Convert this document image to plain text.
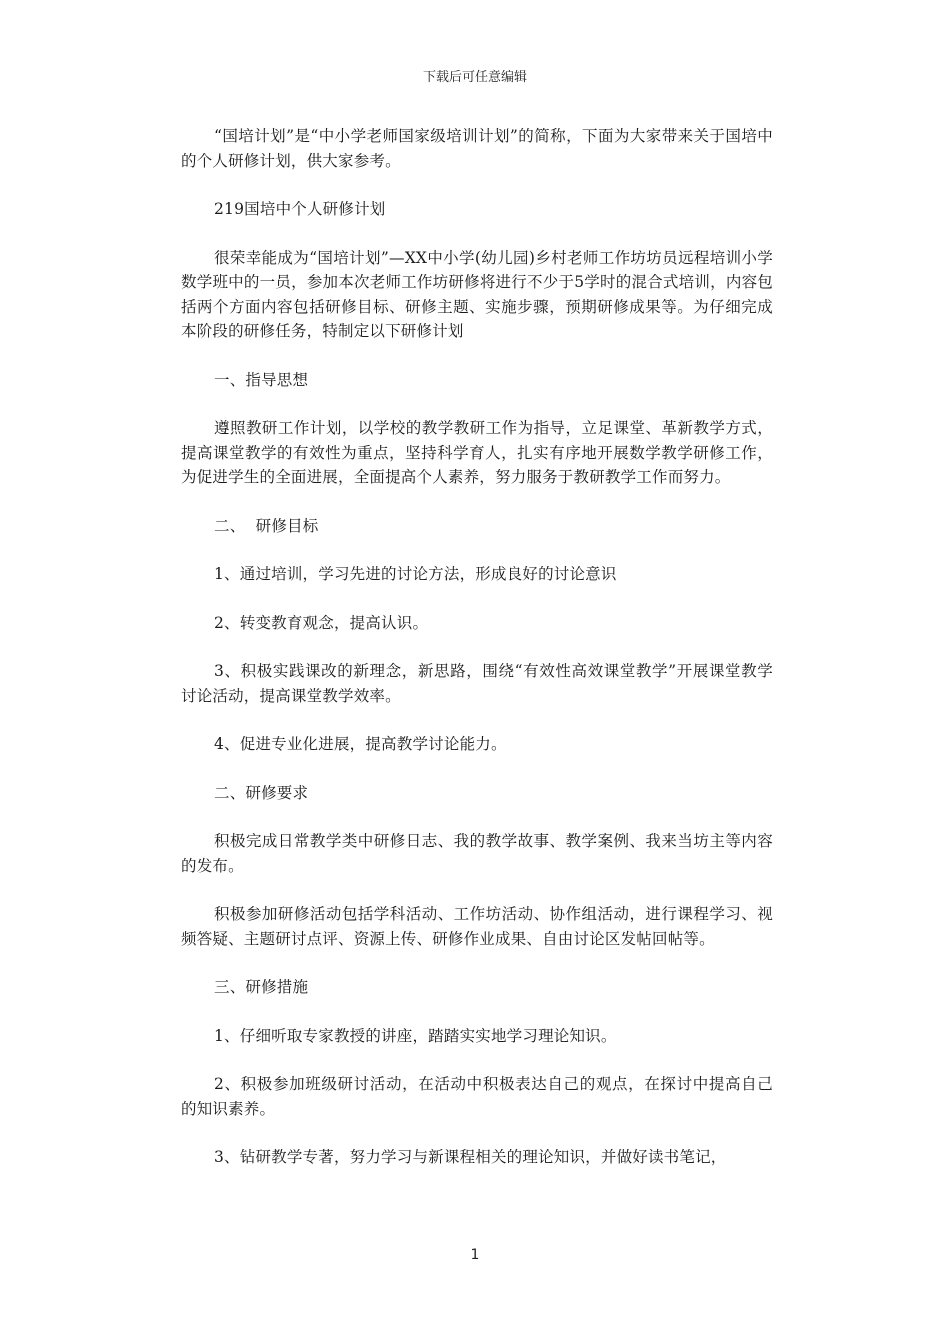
下载后可任意编辑

“国培计划”是“中小学老师国家级培训计划”的简称，下面为大家带来关于国培中的个人研修计划，供大家参考。

219国培中个人研修计划

很荣幸能成为“国培计划”—XX中小学(幼儿园)乡村老师工作坊坊员远程培训小学数学班中的一员，参加本次老师工作坊研修将进行不少于5学时的混合式培训，内容包括两个方面内容包括研修目标、研修主题、实施步骤，预期研修成果等。为仔细完成本阶段的研修任务，特制定以下研修计划

一、指导思想

遵照教研工作计划，以学校的教学教研工作为指导，立足课堂、革新教学方式，提高课堂教学的有效性为重点，坚持科学育人，扎实有序地开展数学教学研修工作，为促进学生的全面进展，全面提高个人素养，努力服务于教研教学工作而努力。

二、  研修目标

1、通过培训，学习先进的讨论方法，形成良好的讨论意识

2、转变教育观念，提高认识。

3、积极实践课改的新理念，新思路，围绕“有效性高效课堂教学”开展课堂教学讨论活动，提高课堂教学效率。

4、促进专业化进展，提高教学讨论能力。

二、研修要求

积极完成日常教学类中研修日志、我的教学故事、教学案例、我来当坊主等内容的发布。

积极参加研修活动包括学科活动、工作坊活动、协作组活动，进行课程学习、视频答疑、主题研讨点评、资源上传、研修作业成果、自由讨论区发帖回帖等。

三、研修措施

1、仔细听取专家教授的讲座，踏踏实实地学习理论知识。

2、积极参加班级研讨活动，在活动中积极表达自己的观点，在探讨中提高自己的知识素养。

3、钻研教学专著，努力学习与新课程相关的理论知识，并做好读书笔记，

1
